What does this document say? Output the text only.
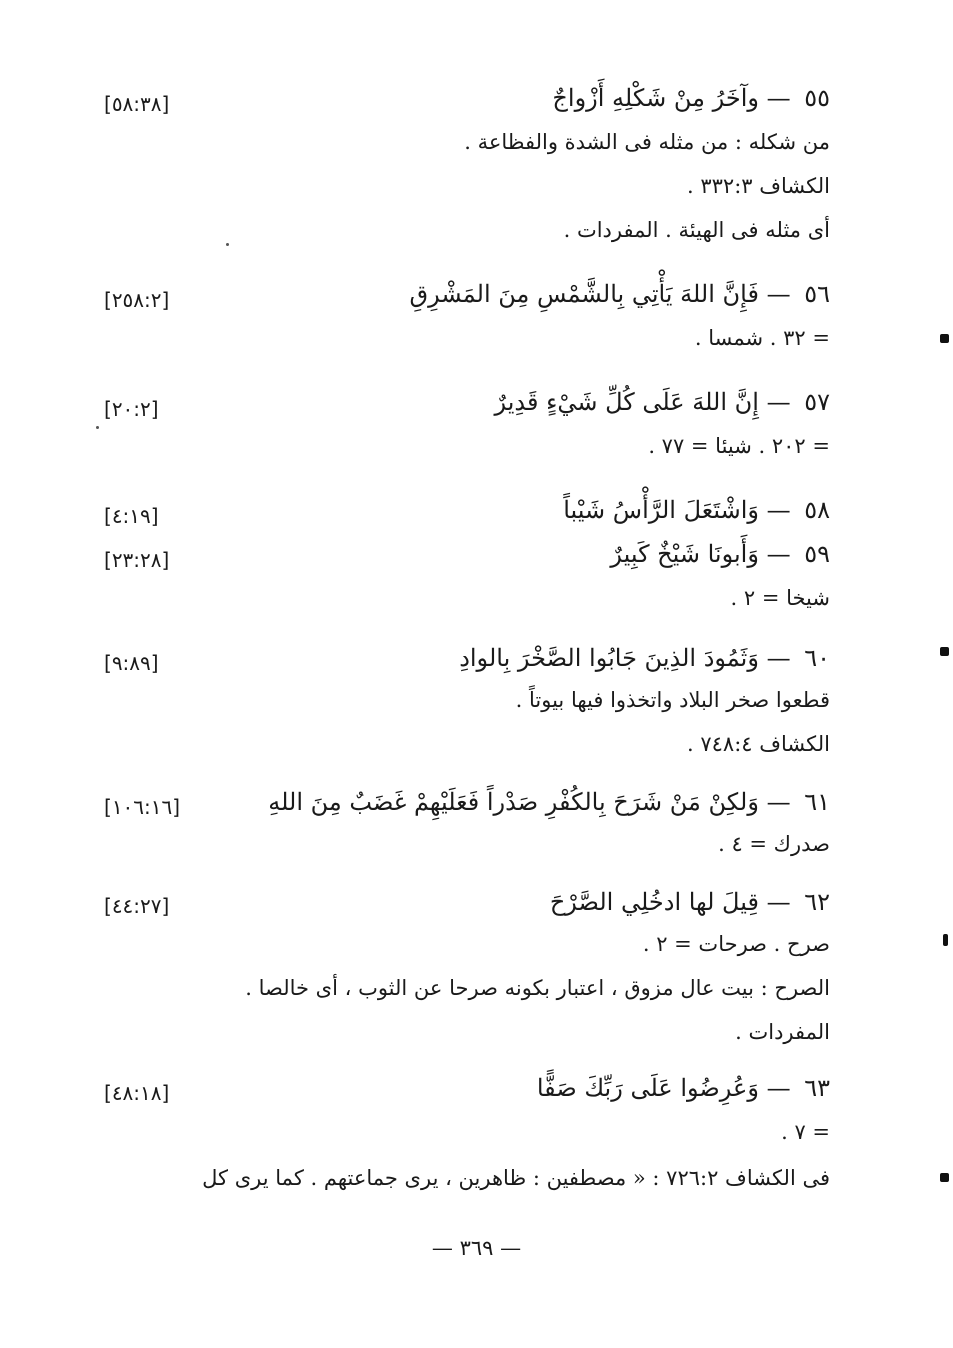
٥٥ — وآخَرُ مِنْ شَكْلِهِ أَزْواجٌ
[٥٨:٣٨]
من شكله : من مثله فى الشدة والفظاعة .
الكشاف ٣٣٢:٣ .
أى مثله فى الهيئة . المفردات .
٥٦ — فَإِنَّ اللهَ يَأْتِي بِالشَّمْسِ مِنَ المَشْرِقِ
[٢٥٨:٢]
= ٣٢ . شمسا .
٥٧ — إِنَّ اللهَ عَلَى كُلِّ شَيْءٍ قَدِيرٌ
[٢٠:٢]
= ٢٠٢ . شيئا = ٧٧ .
٥٨ — وَاشْتَعَلَ الرَّأْسُ شَيْباً
[٤:١٩]
٥٩ — وَأَبونَا شَيْخٌ كَبِيرٌ
[٢٣:٢٨]
شيخا = ٢ .
٦٠ — وَثَمُودَ الذِينَ جَابُوا الصَّخْرَ بِالوادِ
[٩:٨٩]
قطعوا صخر البلاد واتخذوا فيها بيوتاً .
الكشاف ٧٤٨:٤ .
٦١ — وَلكِنْ مَنْ شَرَحَ بِالكُفْرِ صَدْراً فَعَلَيْهِمْ غَضَبٌ مِنَ اللهِ
[١٠٦:١٦]
صدرك = ٤ .
٦٢ — قِيلَ لها ادخُلِي الصَّرْحَ
[٤٤:٢٧]
صرح . صرحات = ٢ .
الصرح : بيت عال مزوق ، اعتبار بكونه صرحا عن الثوب ، أى خالصا .
المفردات .
٦٣ — وَعُرِضُوا عَلَى رَبِّكَ صَفًّا
[٤٨:١٨]
= ٧ .
فى الكشاف ٧٢٦:٢ : « مصطفين : ظاهرين ، يرى جماعتهم . كما يرى كل
— ٣٦٩ —
